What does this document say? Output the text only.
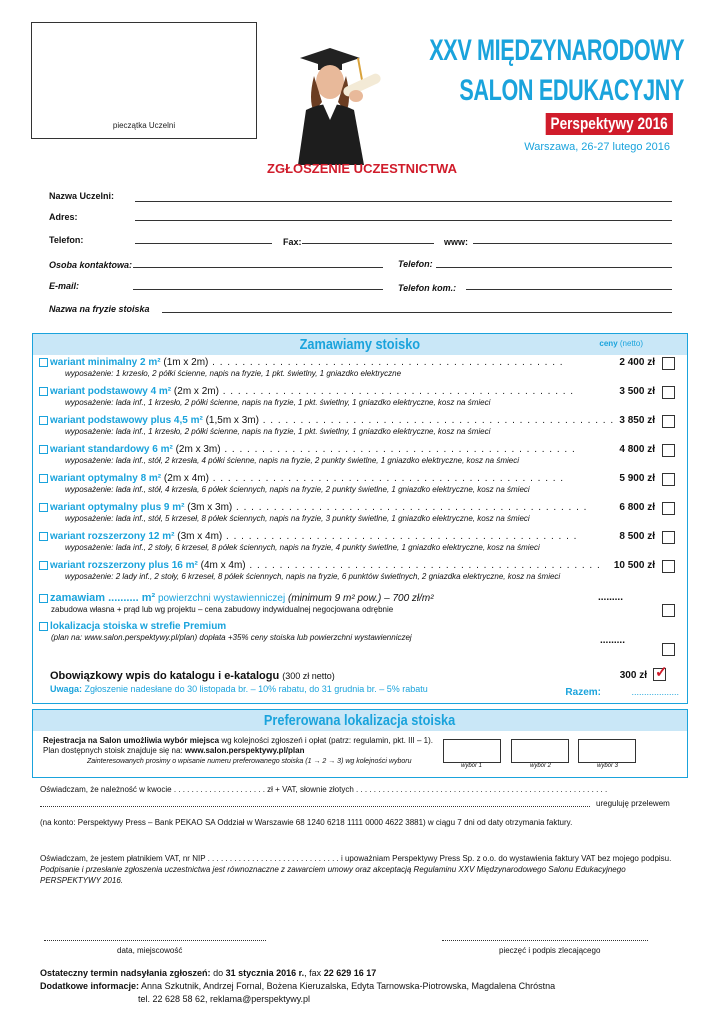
pieczątka Uczelni
XXV MIĘDZYNARODOWY
SALON EDUKACYJNY
Perspektywy 2016
Warszawa, 26-27 lutego 2016
ZGŁOSZENIE UCZESTNICTWA
Nazwa Uczelni:
Adres:
Telefon:	Fax:	www:
Osoba kontaktowa:	Telefon:
E-mail:	Telefon kom.:
Nazwa na fryzie stoiska
Zamawiamy stoisko	ceny (netto)
wariant minimalny 2 m² (1m x 2m) . . . . . . . . . . . . . . . . . . . . . . . . . . . . . . . . . . . . . . . . . . . . . . .	2 400 zł
wyposażenie: 1 krzesło, 2 półki ścienne, napis na fryzie, 1 pkt. świetlny, 1 gniazdko elektryczne
wariant podstawowy 4 m² (2m x 2m) . . . . . . . . . . . . . . . . . . . . . . . . . . . . . . . . . . . . . . . . . . . . . . .	3 500 zł
wyposażenie: lada inf., 1 krzesło, 2 półki ścienne, napis na fryzie, 1 pkt. świetlny, 1 gniazdko elektryczne, kosz na śmieci
wariant podstawowy plus 4,5 m² (1,5m x 3m) . . . . . . . . . . . . . . . . . . . . . . . . . . . . . . . . . . . . . . . . . . . . . . . 3 850 zł
wyposażenie: lada inf., 1 krzesło, 2 półki ścienne, napis na fryzie, 1 pkt. świetlny, 1 gniazdko elektryczne, kosz na śmieci
wariant standardowy 6 m² (2m x 3m) . . . . . . . . . . . . . . . . . . . . . . . . . . . . . . . . . . . . . . . . . . . . . . .	4 800 zł
wyposażenie: lada inf., stół, 2 krzesła, 4 półki ścienne, napis na fryzie, 2 punkty świetlne, 1 gniazdko elektryczne, kosz na śmieci
wariant optymalny 8 m² (2m x 4m) . . . . . . . . . . . . . . . . . . . . . . . . . . . . . . . . . . . . . . . . . . . . . . .	5 900 zł
wyposażenie: lada inf., stół, 4 krzesła, 6 półek ściennych, napis na fryzie, 2 punkty świetlne, 1 gniazdko elektryczne, kosz na śmieci
wariant optymalny plus 9 m² (3m x 3m) . . . . . . . . . . . . . . . . . . . . . . . . . . . . . . . . . . . . . . . . . . . . . . .	6 800 zł
wyposażenie: lada inf., stół, 5 krzeseł, 8 półek ściennych, napis na fryzie, 3 punkty świetlne, 1 gniazdko elektryczne, kosz na śmieci
wariant rozszerzony 12 m² (3m x 4m) . . . . . . . . . . . . . . . . . . . . . . . . . . . . . . . . . . . . . . . . . . . . . . .	8 500 zł
wyposażenie: lada inf., 2 stoły, 6 krzeseł, 8 półek ściennych, napis na fryzie, 4 punkty świetlne, 1 gniazdko elektryczne, kosz na śmieci
wariant rozszerzony plus 16 m² (4m x 4m) . . . . . . . . . . . . . . . . . . . . . . . . . . . . . . . . . . . . . . . . . . . . . . . 10 500 zł
wyposażenie: 2 lady inf., 2 stoły, 6 krzeseł, 8 półek ściennych, napis na fryzie, 6 punktów świetlnych, 2 gniazdka elektryczne, kosz na śmieci
zamawiam .......... m² powierzchni wystawienniczej (minimum 9 m² pow.) – 700 zł/m²	.........
zabudowa własna + prąd lub wg projektu – cena zabudowy indywidualnej negocjowana odrębnie
lokalizacja stoiska w strefie Premium
.........
(plan na: www.salon.perspektywy.pl/plan) dopłata +35% ceny stoiska lub powierzchni wystawienniczej
Obowiązkowy wpis do katalogu i e-katalogu (300 zł netto)	300 zł ✓
Uwaga: Zgłoszenie nadesłane do 30 listopada br. – 10% rabatu, do 31 grudnia br. – 5% rabatu	Razem:	...................
Preferowana lokalizacja stoiska
Rejestracja na Salon umożliwia wybór miejsca wg kolejności zgłoszeń i opłat (patrz: regulamin, pkt. III – 1).
Plan dostępnych stoisk znajduje się na: www.salon.perspektywy.pl/plan
Zainteresowanych prosimy o wpisanie numeru preferowanego stoiska (1 → 2 → 3) wg kolejności wyboru
wybór 1	wybór 2	wybór 3
Oświadczam, że należność w kwocie . . . . . . . . . . . . . . . . . . . . . zł + VAT, słownie złotych . . . . . . . . . . . . . . . . . . . . . . . . . . . . . . . . . . . . . . . . . . . . . . . . . . . . . . . . .
ureguluję przelewem
(na konto: Perspektywy Press – Bank PEKAO SA Oddział w Warszawie 68 1240 6218 1111 0000 4622 3881) w ciągu 7 dni od daty otrzymania faktury.
Oświadczam, że jestem płatnikiem VAT, nr NIP . . . . . . . . . . . . . . . . . . . . . . . . . . . . . . i upoważniam Perspektywy Press Sp. z o.o. do wystawienia faktury VAT bez mojego podpisu. Podpisanie i przesłanie zgłoszenia uczestnictwa jest równoznaczne z zawarciem umowy oraz akceptacją Regulaminu XXV Międzynarodowego Salonu Edukacyjnego PERSPEKTYWY 2016.
data, miejscowość	pieczęć i podpis zlecającego
Ostateczny termin nadsyłania zgłoszeń: do 31 stycznia 2016 r., fax 22 629 16 17
Dodatkowe informacje: Anna Szkutnik, Andrzej Fornal, Bożena Kieruzalska, Edyta Tarnowska-Piotrowska, Magdalena Chróstna
tel. 22 628 58 62, reklama@perspektywy.pl
